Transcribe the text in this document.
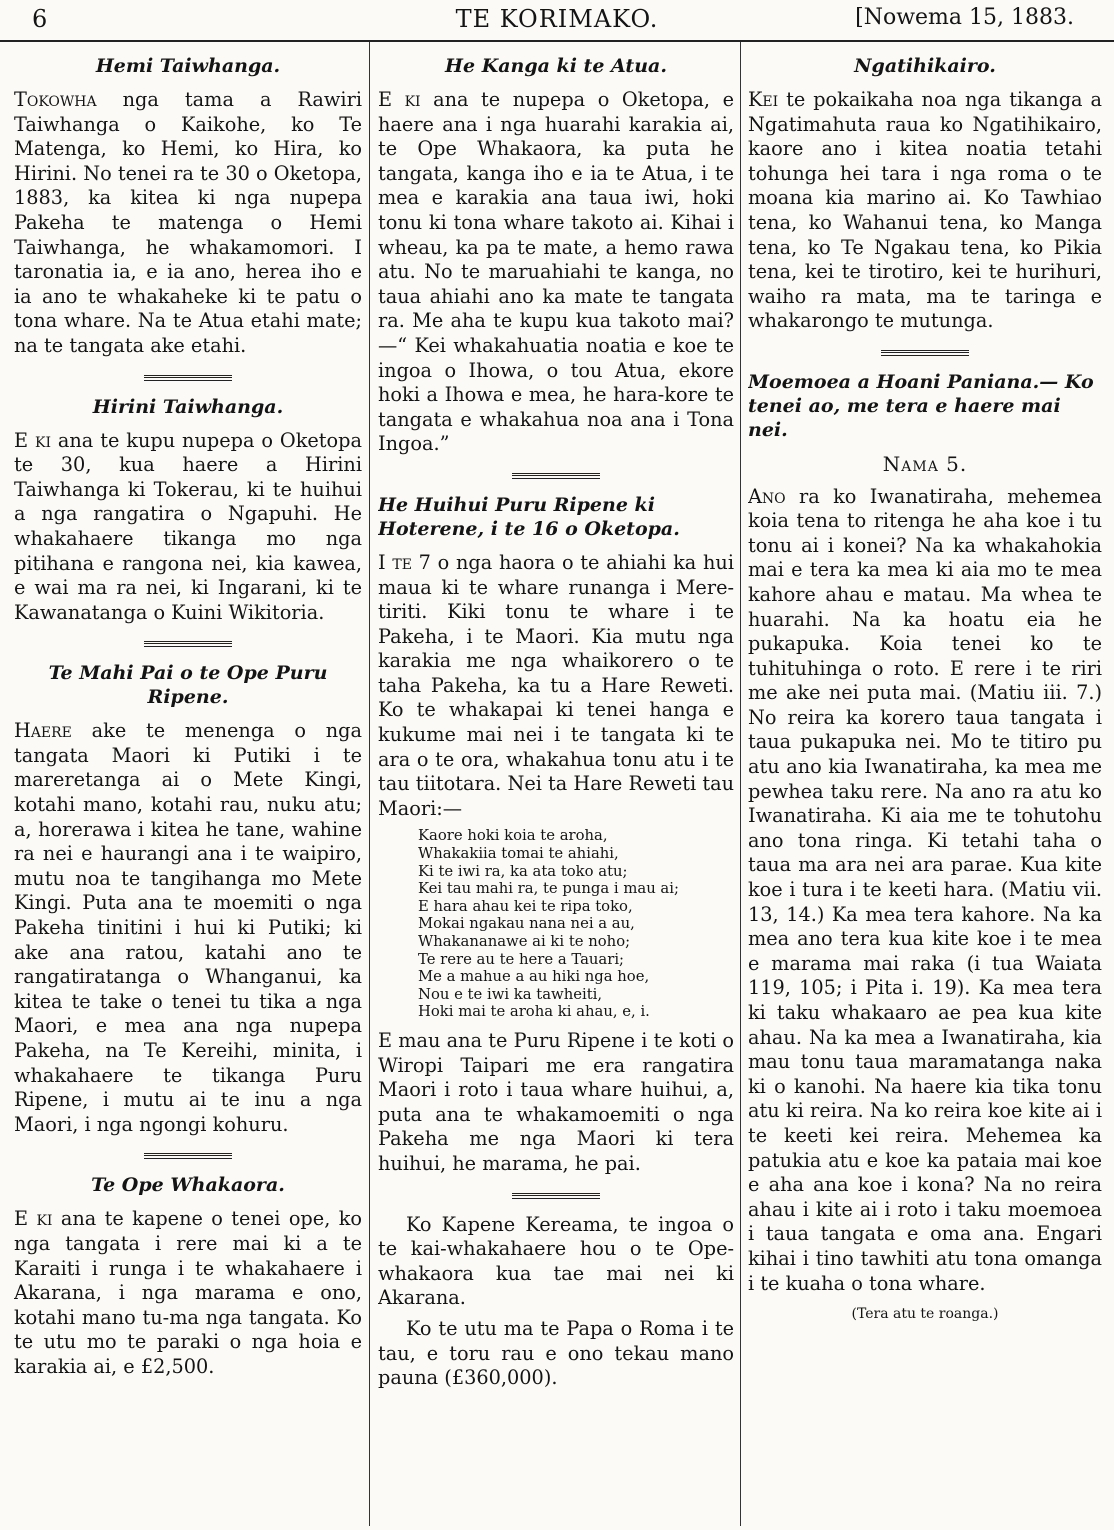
6	TE KORIMAKO.	[Nowema 15, 1883.
Hemi Taiwhanga.

Tokowha nga tama a Rawiri Taiwhanga o Kaikohe, ko Te Matenga, ko Hemi, ko Hira, ko Hirini. No tenei ra te 30 o Oketopa, 1883, ka kitea ki nga nupepa Pakeha te matenga o Hemi Taiwhanga, he whakamomori. I taronatia ia, e ia ano, herea iho e ia ano te whakaheke ki te patu o tona whare. Na te Atua etahi mate; na te tangata ake etahi.

Hirini Taiwhanga.

E ki ana te kupu nupepa o Oketopa te 30, kua haere a Hirini Taiwhanga ki Tokerau, ki te huihui a nga rangatira o Ngapuhi. He whakahaere tikanga mo nga pitihana e rangona nei, kia kawea, e wai ma ra nei, ki Ingarani, ki te Kawanatanga o Kuini Wikitoria.

Te Mahi Pai o te Ope Puru Ripene.

Haere ake te menenga o nga tangata Maori ki Putiki i te mareretanga ai o Mete Kingi, kotahi mano, kotahi rau, nuku atu; a, horerawa i kitea he tane, wahine ra nei e haurangi ana i te waipiro, mutu noa te tangihanga mo Mete Kingi. Puta ana te moemiti o nga Pakeha tinitini i hui ki Putiki; ki ake ana ratou, katahi ano te rangatiratanga o Whanganui, ka kitea te take o tenei tu tika a nga Maori, e mea ana nga nupepa Pakeha, na Te Kereihi, minita, i whakahaere te tikanga Puru Ripene, i mutu ai te inu a nga Maori, i nga ngongi kohuru.

Te Ope Whakaora.

E ki ana te kapene o tenei ope, ko nga tangata i rere mai ki a te Karaiti i runga i te whakahaere i Akarana, i nga marama e ono, kotahi mano tu-ma nga tangata. Ko te utu mo te paraki o nga hoia e karakia ai, e £2,500.

He Kanga ki te Atua.

E ki ana te nupepa o Oketopa, e haere ana i nga huarahi karakia ai, te Ope Whakaora, ka puta he tangata, kanga iho e ia te Atua, i te mea e karakia ana taua iwi, hoki tonu ki tona whare takoto ai. Kihai i wheau, ka pa te mate, a hemo rawa atu. No te maruahiahi te kanga, no taua ahiahi ano ka mate te tangata ra. Me aha te kupu kua takoto mai?—“ Kei whakahuatia noatia e koe te ingoa o Ihowa, o tou Atua, ekore hoki a Ihowa e mea, he hara-kore te tangata e whakahua noa ana i Tona Ingoa.”

He Huihui Puru Ripene ki Hoterene, i te 16 o Oketopa.

I te 7 o nga haora o te ahiahi ka hui maua ki te whare runanga i Mere-tiriti. Kiki tonu te whare i te Pakeha, i te Maori. Kia mutu nga karakia me nga whaikorero o te taha Pakeha, ka tu a Hare Reweti. Ko te whakapai ki tenei hanga e kukume mai nei i te tangata ki te ara o te ora, whakahua tonu atu i te tau tiitotara. Nei ta Hare Reweti tau Maori:—

Kaore hoki koia te aroha,
Whakakiia tomai te ahiahi,
Ki te iwi ra, ka ata toko atu;
Kei tau mahi ra, te punga i mau ai;
E hara ahau kei te ripa toko,
Mokai ngakau nana nei a au,
Whakananawe ai ki te noho;
Te rere au te here a Tauari;
Me a mahue a au hiki nga hoe,
Nou e te iwi ka tawheiti,
Hoki mai te aroha ki ahau, e, i.

E mau ana te Puru Ripene i te koti o Wiropi Taipari me era rangatira Maori i roto i taua whare huihui, a, puta ana te whakamoemiti o nga Pakeha me nga Maori ki tera huihui, he marama, he pai.

Ko Kapene Kereama, te ingoa o te kai-whakahaere hou o te Ope-whakaora kua tae mai nei ki Akarana.

Ko te utu ma te Papa o Roma i te tau, e toru rau e ono tekau mano pauna (£360,000).

Ngatihikairo.

Kei te pokaikaha noa nga tikanga a Ngatimahuta raua ko Ngatihikairo, kaore ano i kitea noatia tetahi tohunga hei tara i nga roma o te moana kia marino ai. Ko Tawhiao tena, ko Wahanui tena, ko Manga tena, ko Te Ngakau tena, ko Pikia tena, kei te tirotiro, kei te hurihuri, waiho ra mata, ma te taringa e whakarongo te mutunga.

Moemoea a Hoani Paniana.— Ko tenei ao, me tera e haere mai nei.
Nama 5.

Ano ra ko Iwanatiraha, mehemea koia tena to ritenga he aha koe i tu tonu ai i konei? Na ka whakahokia mai e tera ka mea ki aia mo te mea kahore ahau e matau. Ma whea te huarahi. Na ka hoatu eia he pukapuka. Koia tenei ko te tuhituhinga o roto. E rere i te riri me ake nei puta mai. (Matiu iii. 7.) No reira ka korero taua tangata i taua pukapuka nei. Mo te titiro pu atu ano kia Iwanatiraha, ka mea me pewhea taku rere. Na ano ra atu ko Iwanatiraha. Ki aia me te tohutohu ano tona ringa. Ki tetahi taha o taua ma ara nei ara parae. Kua kite koe i tura i te keeti hara. (Matiu vii. 13, 14.) Ka mea tera kahore. Na ka mea ano tera kua kite koe i te mea e marama mai raka (i tua Waiata 119, 105; i Pita i. 19). Ka mea tera ki taku whakaaro ae pea kua kite ahau. Na ka mea a Iwanatiraha, kia mau tonu taua maramatanga naka ki o kanohi. Na haere kia tika tonu atu ki reira. Na ko reira koe kite ai i te keeti kei reira. Mehemea ka patukia atu e koe ka pataia mai koe e aha ana koe i kona? Na no reira ahau i kite ai i roto i taku moemoea i taua tangata e oma ana. Engari kihai i tino tawhiti atu tona omanga i te kuaha o tona whare.

(Tera atu te roanga.)
